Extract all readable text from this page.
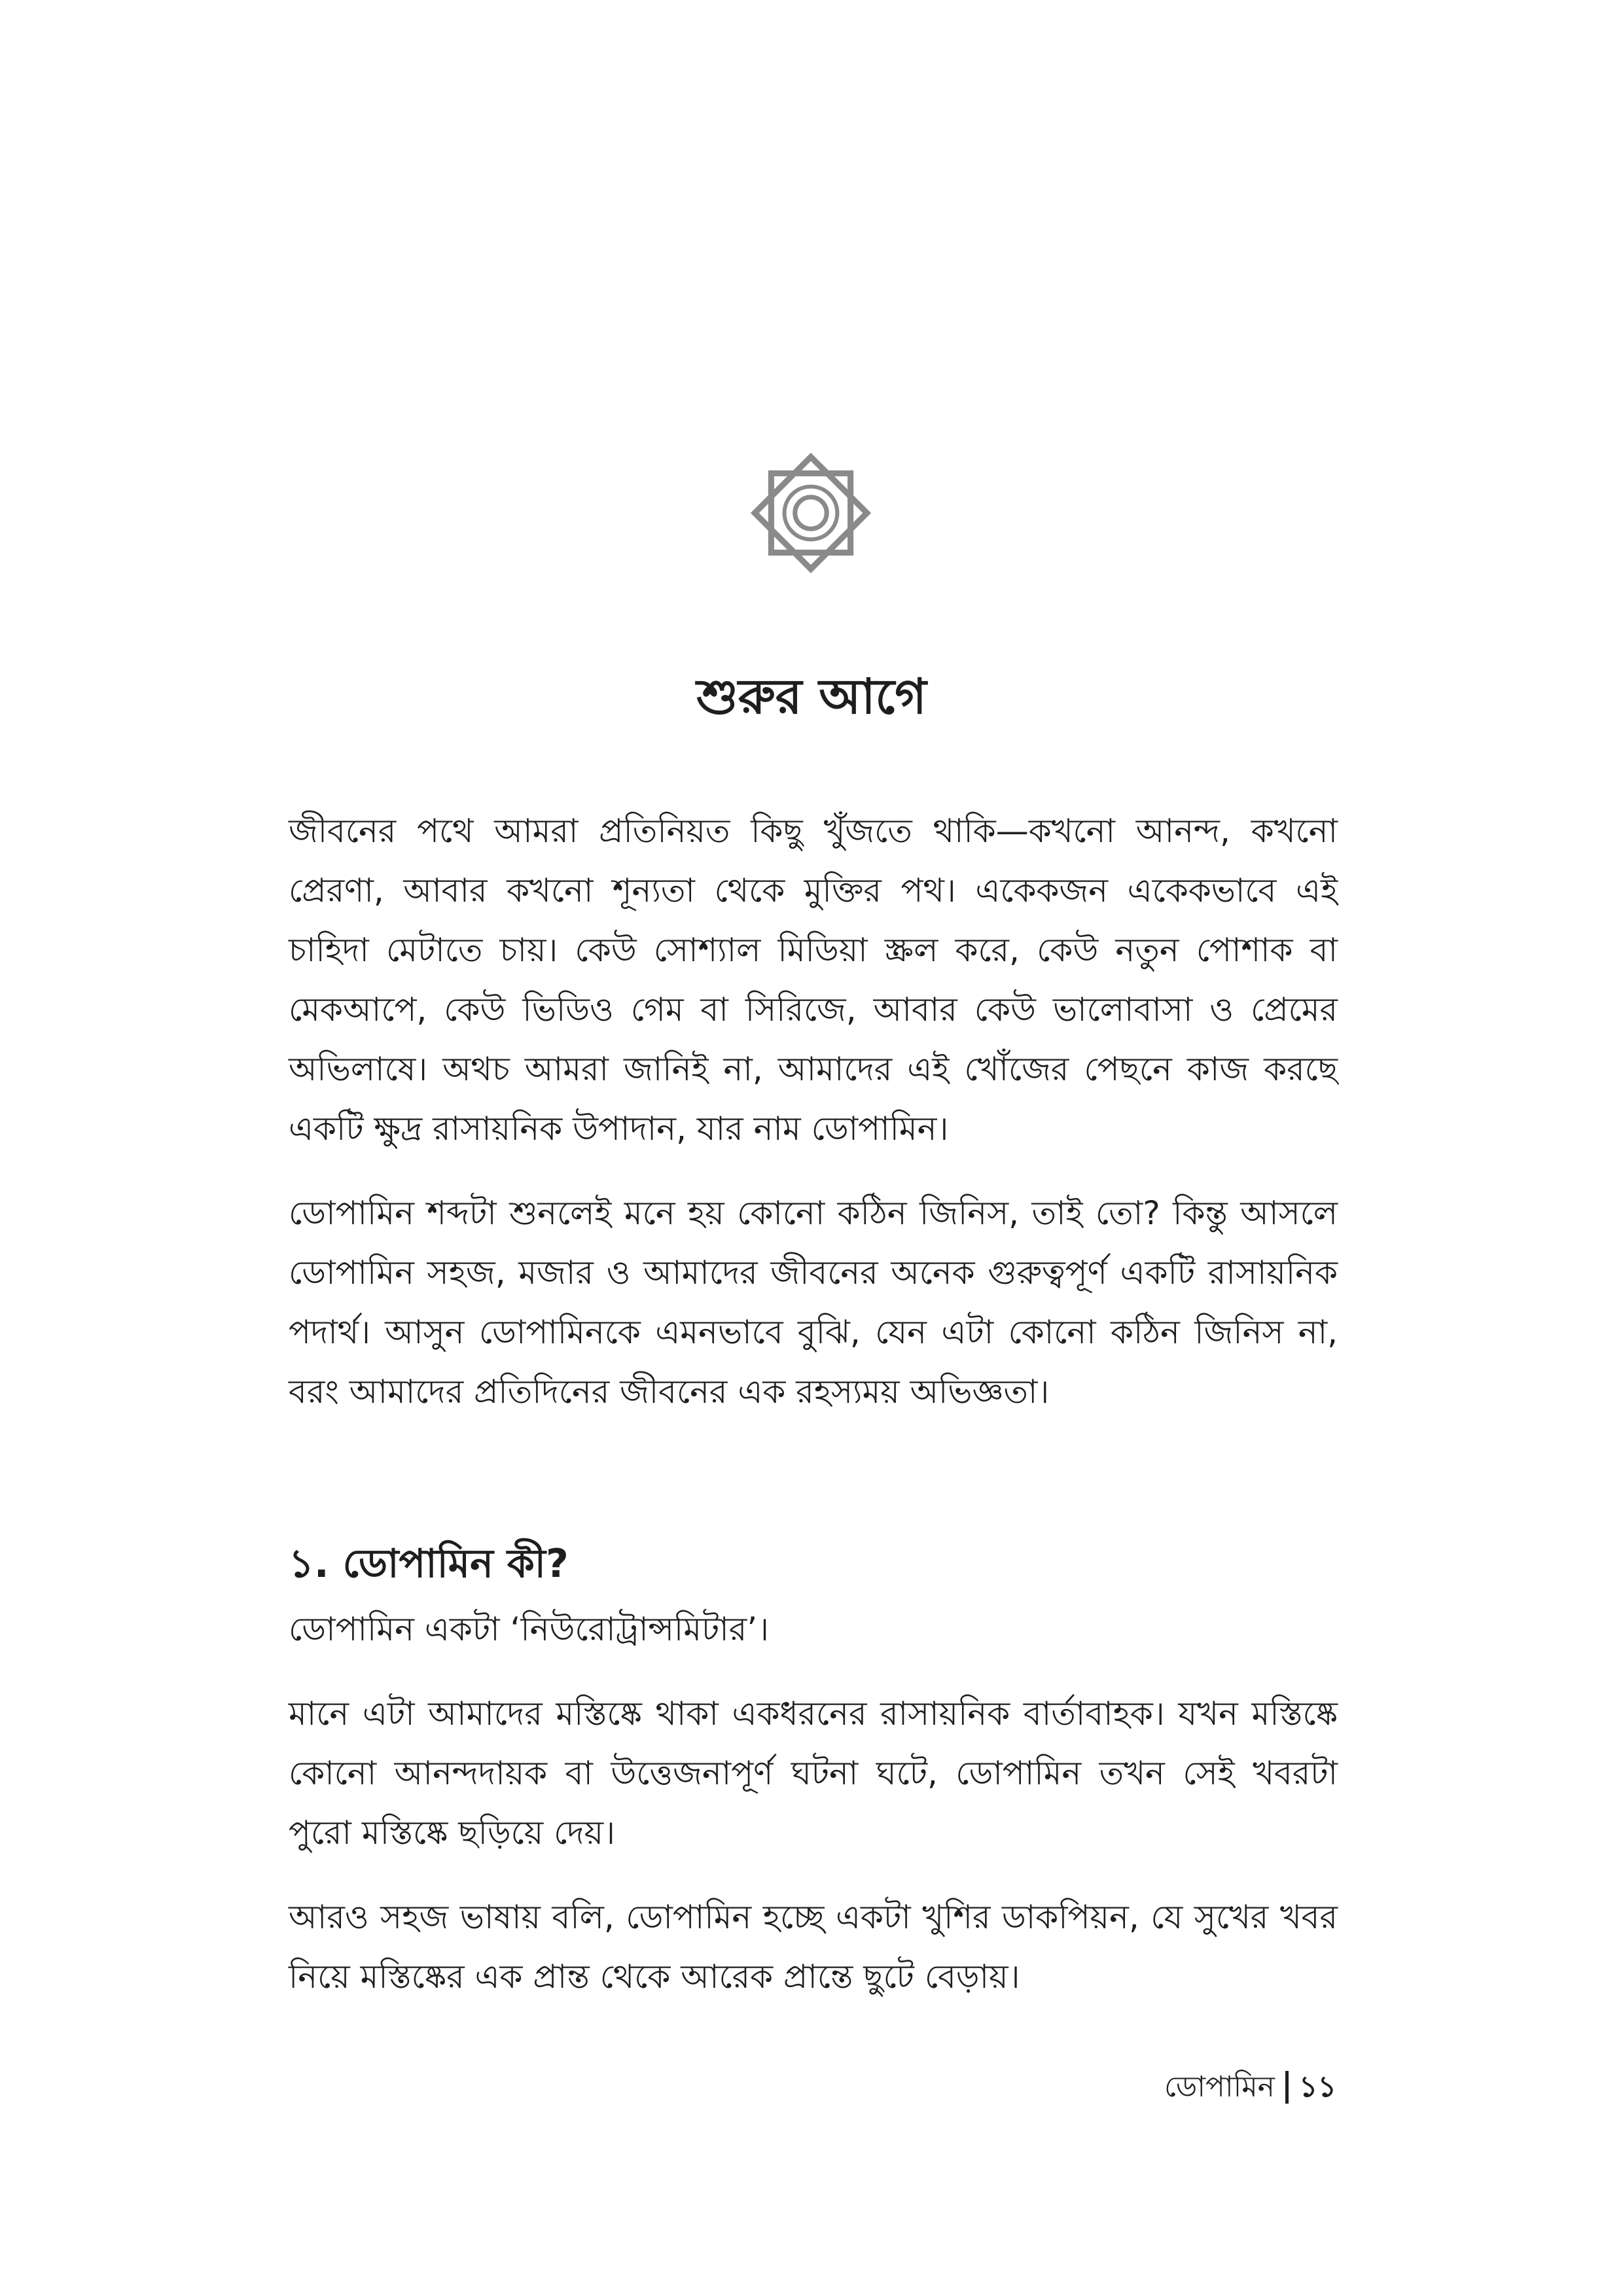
শুরুর আগে

জীবনের পথে আমরা প্রতিনিয়ত কিছু খুঁজতে থাকি—কখনো আনন্দ, কখনো প্রেরণা, আবার কখনো শূন্যতা থেকে মুক্তির পথ। একেকজন একেকভাবে এই চাহিদা মেটাতে চায়। কেউ সোশ্যাল মিডিয়া স্ক্রল করে, কেউ নতুন পোশাক বা মেকআপে, কেউ ভিডিও গেম বা সিরিজে, আবার কেউ ভালোবাসা ও প্রেমের অভিলাষে। অথচ আমরা জানিই না, আমাদের এই খোঁজের পেছনে কাজ করছে একটি ক্ষুদ্র রাসায়নিক উপাদান, যার নাম ডোপামিন।

ডোপামিন শব্দটা শুনলেই মনে হয় কোনো কঠিন জিনিস, তাই তো? কিন্তু আসলে ডোপামিন সহজ, মজার ও আমাদের জীবনের অনেক গুরুত্বপূর্ণ একটি রাসায়নিক পদার্থ। আসুন ডোপামিনকে এমনভাবে বুঝি, যেন এটা কোনো কঠিন জিনিস না, বরং আমাদের প্রতিদিনের জীবনের এক রহস্যময় অভিজ্ঞতা।

১. ডোপামিন কী?

ডোপামিন একটা ‘নিউরোট্রান্সমিটার’।

মানে এটা আমাদের মস্তিষ্কে থাকা একধরনের রাসায়নিক বার্তাবাহক। যখন মস্তিষ্কে কোনো আনন্দদায়ক বা উত্তেজনাপূর্ণ ঘটনা ঘটে, ডোপামিন তখন সেই খবরটা পুরো মস্তিষ্কে ছড়িয়ে দেয়।

আরও সহজ ভাষায় বলি, ডোপামিন হচ্ছে একটা খুশির ডাকপিয়ন, যে সুখের খবর নিয়ে মস্তিষ্কের এক প্রান্ত থেকে আরেক প্রান্তে ছুটে বেড়ায়।

ডোপামিন ১১
